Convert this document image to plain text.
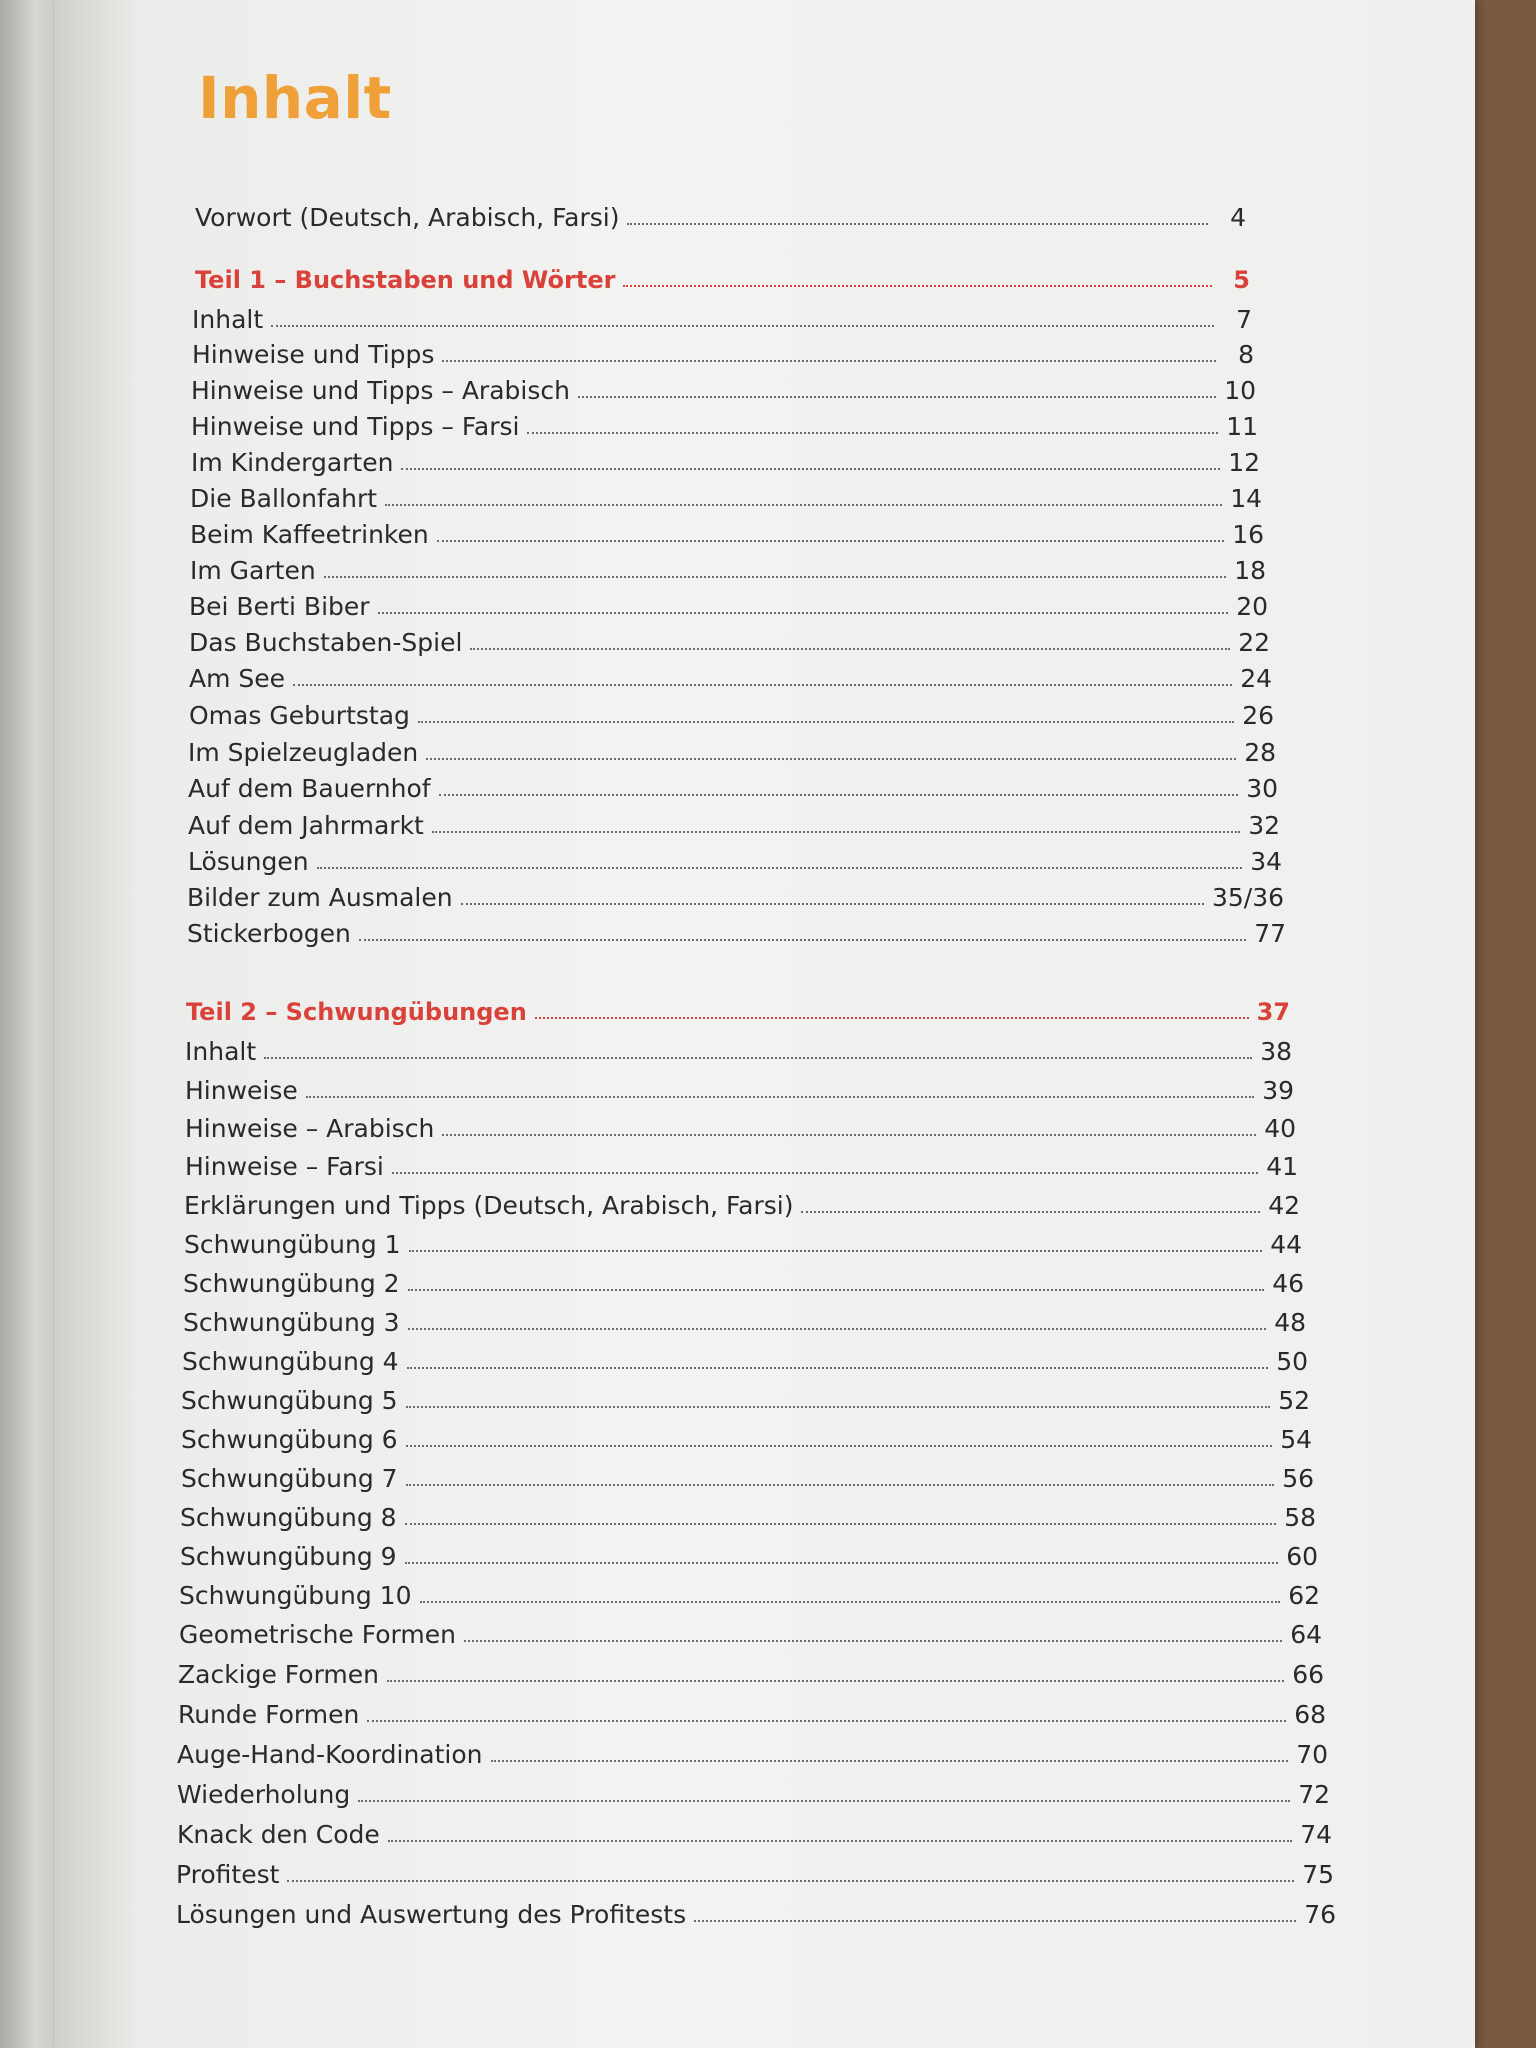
Inhalt
Vorwort (Deutsch, Arabisch, Farsi)	4
Teil 1 – Buchstaben und Wörter	5
Inhalt	7
Hinweise und Tipps	8
Hinweise und Tipps – Arabisch	10
Hinweise und Tipps – Farsi	11
Im Kindergarten	12
Die Ballonfahrt	14
Beim Kaffeetrinken	16
Im Garten	18
Bei Berti Biber	20
Das Buchstaben-Spiel	22
Am See	24
Omas Geburtstag	26
Im Spielzeugladen	28
Auf dem Bauernhof	30
Auf dem Jahrmarkt	32
Lösungen	34
Bilder zum Ausmalen	35/36
Stickerbogen	77
Teil 2 – Schwungübungen	37
Inhalt	38
Hinweise	39
Hinweise – Arabisch	40
Hinweise – Farsi	41
Erklärungen und Tipps (Deutsch, Arabisch, Farsi)	42
Schwungübung 1	44
Schwungübung 2	46
Schwungübung 3	48
Schwungübung 4	50
Schwungübung 5	52
Schwungübung 6	54
Schwungübung 7	56
Schwungübung 8	58
Schwungübung 9	60
Schwungübung 10	62
Geometrische Formen	64
Zackige Formen	66
Runde Formen	68
Auge-Hand-Koordination	70
Wiederholung	72
Knack den Code	74
Profitest	75
Lösungen und Auswertung des Profitests	76
